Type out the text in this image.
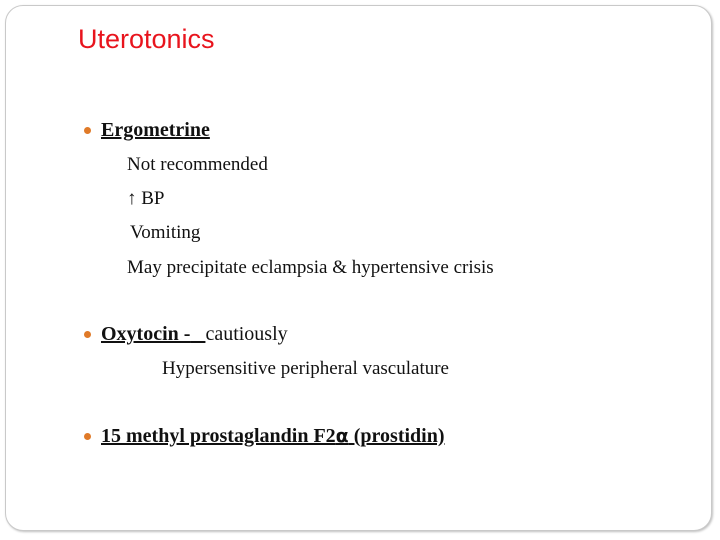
Uterotonics
Ergometrine
Not recommended
↑ BP
Vomiting
May precipitate eclampsia & hypertensive crisis
Oxytocin - cautiously
Hypersensitive peripheral vasculature
15 methyl prostaglandin F2α (prostidin)
